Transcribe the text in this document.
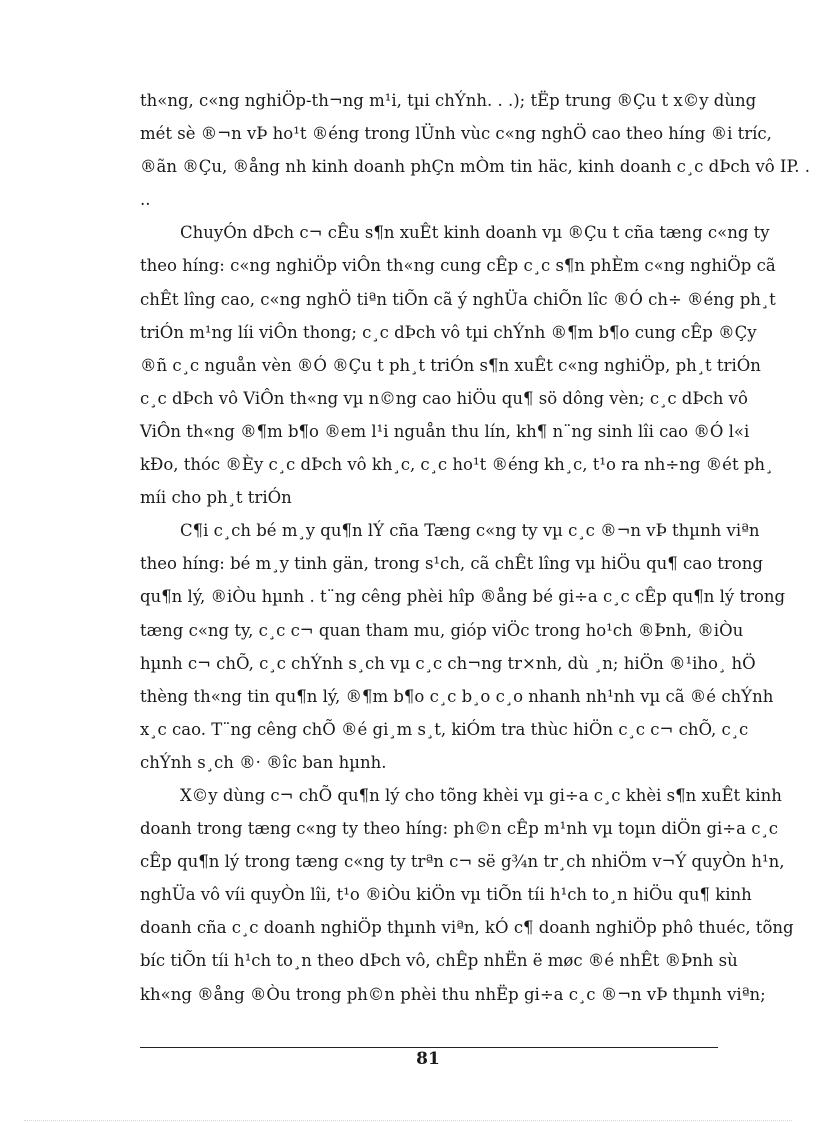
th«ng, c«ng nghiÖp-th¬ng m¹i, tµi chÝnh. . .); tËp trung ®Çu t x©y dùng
mét sè ®¬n vÞ ho¹t ®éng trong lÜnh vùc c«ng nghÖ cao theo híng ®i tríc,
®ãn ®Çu, ®ång nh kinh doanh phÇn mÒm tin häc, kinh doanh c¸c dÞch vô IP. .
..
ChuyÓn dÞch c¬ cÊu s¶n xuÊt kinh doanh vµ ®Çu t cña tæng c«ng ty
theo híng: c«ng nghiÖp viÔn th«ng cung cÊp c¸c s¶n phÈm c«ng nghiÖp cã
chÊt lîng cao, c«ng nghÖ tiªn tiÕn cã ý nghÜa chiÕn lîc ®Ó ch÷ ®éng ph¸t
triÓn m¹ng líi viÔn thong; c¸c dÞch vô tµi chÝnh ®¶m b¶o cung cÊp ®Çy
®ñ c¸c nguån vèn ®Ó ®Çu t ph¸t triÓn s¶n xuÊt c«ng nghiÖp, ph¸t triÓn
c¸c dÞch vô ViÔn th«ng vµ n©ng cao hiÖu qu¶ sö dông vèn; c¸c dÞch vô
ViÔn th«ng ®¶m b¶o ®em l¹i nguån thu lín, kh¶ n¨ng sinh lîi cao ®Ó l«i
kÐo, thóc ®Èy c¸c dÞch vô kh¸c, c¸c ho¹t ®éng kh¸c, t¹o ra nh÷ng ®ét ph¸
míi cho ph¸t triÓn
C¶i c¸ch bé m¸y qu¶n lÝ cña Tæng c«ng ty vµ c¸c ®¬n vÞ thµnh viªn
theo híng: bé m¸y tinh gän, trong s¹ch, cã chÊt lîng vµ hiÖu qu¶ cao trong
qu¶n lý, ®iÒu hµnh . t¨ng cêng phèi hîp ®ång bé gi÷a c¸c cÊp qu¶n lý trong
tæng c«ng ty, c¸c c¬ quan tham mu, gióp viÖc trong ho¹ch ®Þnh, ®iÒu
hµnh c¬ chÕ, c¸c chÝnh s¸ch vµ c¸c ch¬ng tr×nh, dù ¸n; hiÖn ®¹iho¸ hÖ
thèng th«ng tin qu¶n lý, ®¶m b¶o c¸c b¸o c¸o nhanh nh¹nh vµ cã ®é chÝnh
x¸c cao. T¨ng cêng chÕ ®é gi¸m s¸t, kiÓm tra thùc hiÖn c¸c c¬ chÕ, c¸c
chÝnh s¸ch ®· ®îc ban hµnh.
X©y dùng c¬ chÕ qu¶n lý cho tõng khèi vµ gi÷a c¸c khèi s¶n xuÊt kinh
doanh trong tæng c«ng ty theo híng: ph©n cÊp m¹nh vµ toµn diÖn gi÷a c¸c
cÊp qu¶n lý trong tæng c«ng ty trªn c¬ së g¾n tr¸ch nhiÖm v¬Ý quyÒn h¹n,
nghÜa vô víi quyÒn lîi, t¹o ®iÒu kiÖn vµ tiÕn tíi h¹ch to¸n hiÖu qu¶ kinh
doanh cña c¸c doanh nghiÖp thµnh viªn, kÓ c¶ doanh nghiÖp phô thuéc, tõng
bíc tiÕn tíi h¹ch to¸n theo dÞch vô, chÊp nhËn ë møc ®é nhÊt ®Þnh sù
kh«ng ®ång ®Òu trong ph©n phèi thu nhËp gi÷a c¸c ®¬n vÞ thµnh viªn;
81
